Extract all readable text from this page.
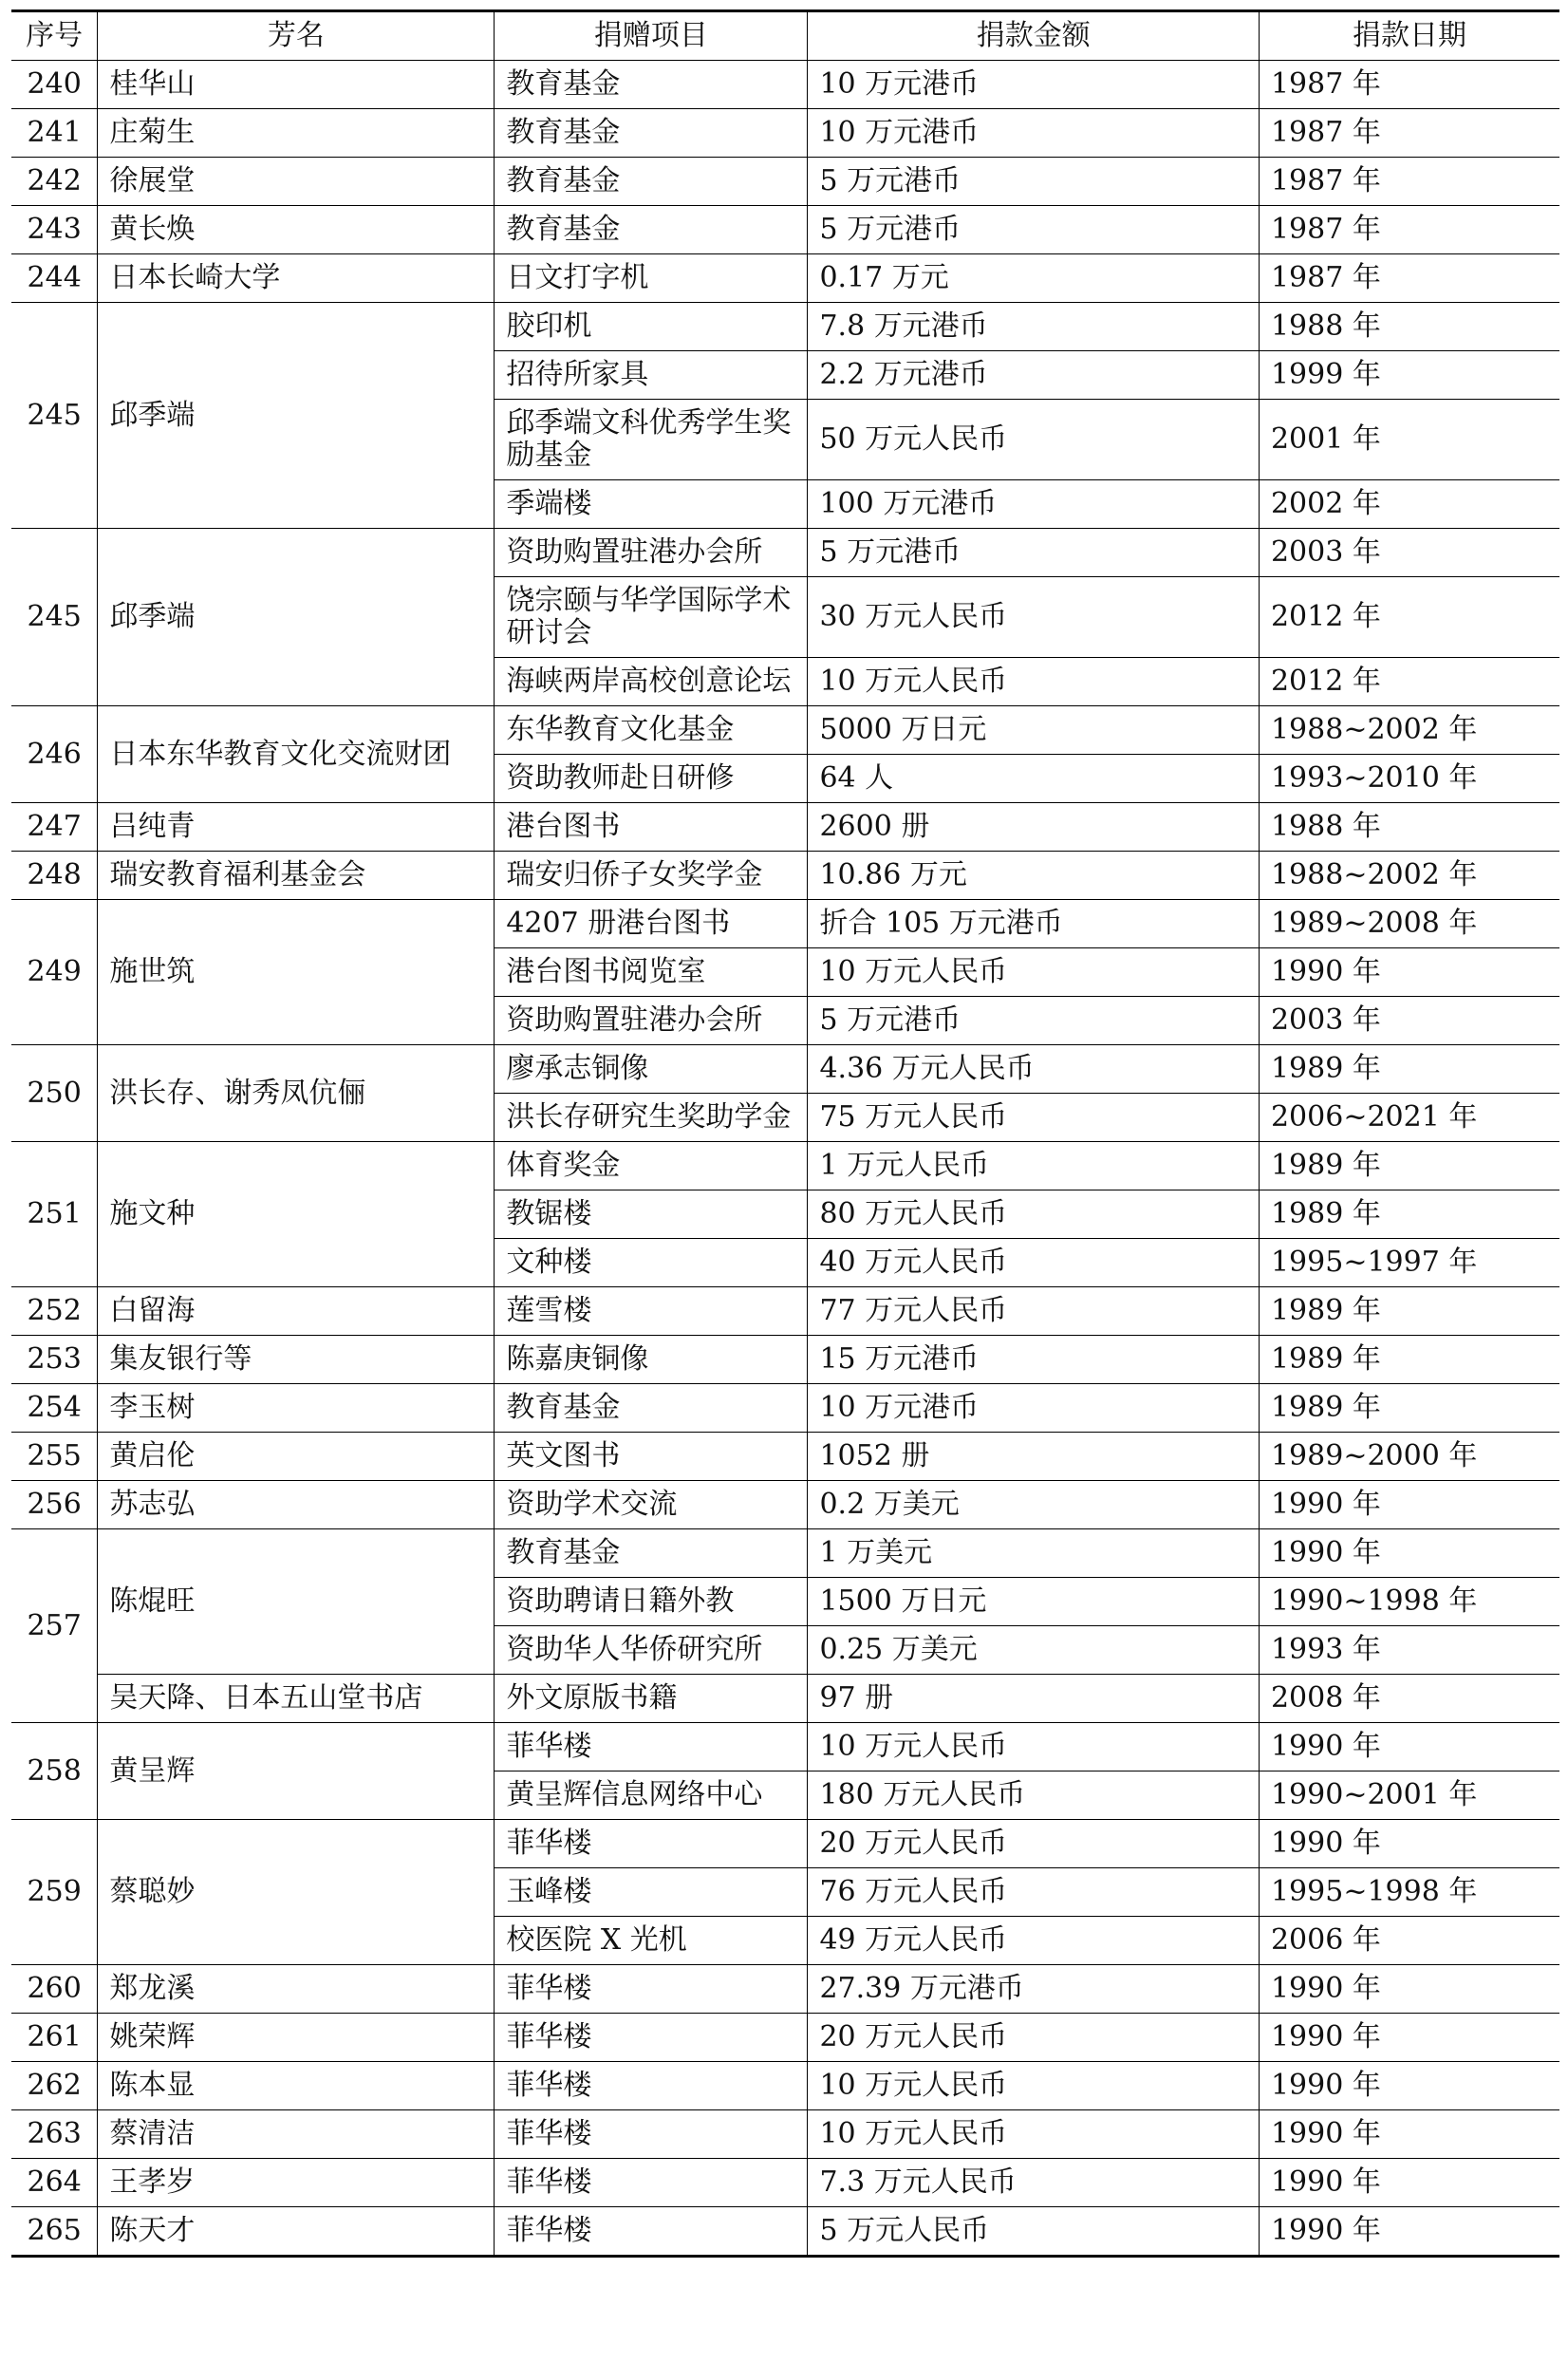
序号	芳名	捐赠项目	捐款金额	捐款日期
240	桂华山	教育基金	10 万元港币	1987 年
241	庄菊生	教育基金	10 万元港币	1987 年
242	徐展堂	教育基金	5 万元港币	1987 年
243	黄长焕	教育基金	5 万元港币	1987 年
244	日本长崎大学	日文打字机	0.17 万元	1987 年
245	邱季端	胶印机	7.8 万元港币	1988 年
		招待所家具	2.2 万元港币	1999 年
		邱季端文科优秀学生奖励基金	50 万元人民币	2001 年
		季端楼	100 万元港币	2002 年
245	邱季端	资助购置驻港办会所	5 万元港币	2003 年
		饶宗颐与华学国际学术研讨会	30 万元人民币	2012 年
		海峡两岸高校创意论坛	10 万元人民币	2012 年
246	日本东华教育文化交流财团	东华教育文化基金	5000 万日元	1988~2002 年
		资助教师赴日研修	64 人	1993~2010 年
247	吕纯青	港台图书	2600 册	1988 年
248	瑞安教育福利基金会	瑞安归侨子女奖学金	10.86 万元	1988~2002 年
249	施世筑	4207 册港台图书	折合 105 万元港币	1989~2008 年
		港台图书阅览室	10 万元人民币	1990 年
		资助购置驻港办会所	5 万元港币	2003 年
250	洪长存、谢秀凤伉俪	廖承志铜像	4.36 万元人民币	1989 年
		洪长存研究生奖助学金	75 万元人民币	2006~2021 年
251	施文种	体育奖金	1 万元人民币	1989 年
		教锯楼	80 万元人民币	1989 年
		文种楼	40 万元人民币	1995~1997 年
252	白留海	莲雪楼	77 万元人民币	1989 年
253	集友银行等	陈嘉庚铜像	15 万元港币	1989 年
254	李玉树	教育基金	10 万元港币	1989 年
255	黄启伦	英文图书	1052 册	1989~2000 年
256	苏志弘	资助学术交流	0.2 万美元	1990 年
257	陈焜旺	教育基金	1 万美元	1990 年
		资助聘请日籍外教	1500 万日元	1990~1998 年
		资助华人华侨研究所	0.25 万美元	1993 年
	吴天降、日本五山堂书店	外文原版书籍	97 册	2008 年
258	黄呈辉	菲华楼	10 万元人民币	1990 年
		黄呈辉信息网络中心	180 万元人民币	1990~2001 年
259	蔡聪妙	菲华楼	20 万元人民币	1990 年
		玉峰楼	76 万元人民币	1995~1998 年
		校医院 X 光机	49 万元人民币	2006 年
260	郑龙溪	菲华楼	27.39 万元港币	1990 年
261	姚荣辉	菲华楼	20 万元人民币	1990 年
262	陈本显	菲华楼	10 万元人民币	1990 年
263	蔡清洁	菲华楼	10 万元人民币	1990 年
264	王孝岁	菲华楼	7.3 万元人民币	1990 年
265	陈天才	菲华楼	5 万元人民币	1990 年
